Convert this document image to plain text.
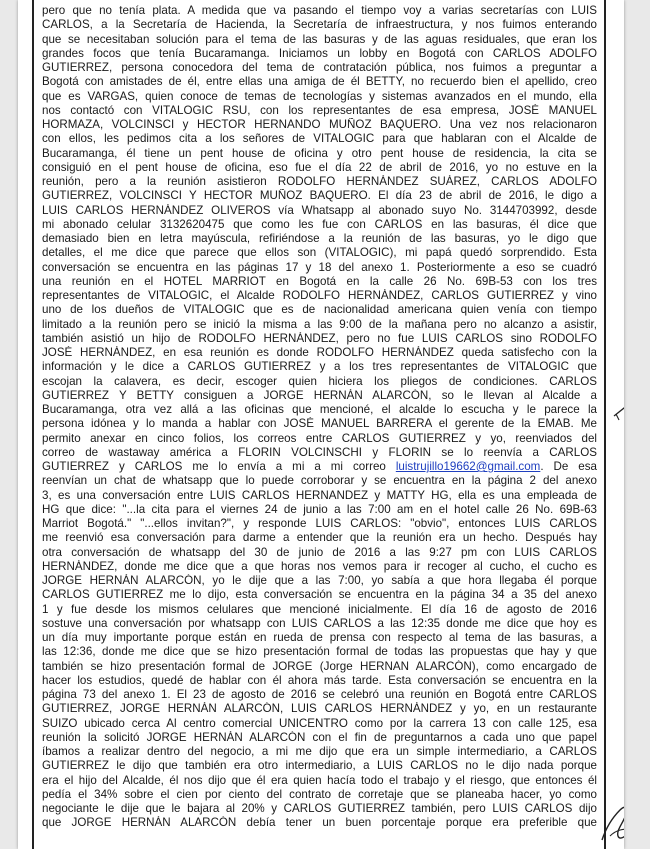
pero que no tenía plata. A medida que va pasando el tiempo voy a varias secretarías con LUIS
CARLOS, a la Secretaría de Hacienda, la Secretaría de infraestructura, y nos fuimos enterando
que se necesitaban solución para el tema de las basuras y de las aguas residuales, que eran los
grandes focos que tenía Bucaramanga. Iniciamos un lobby en Bogotá con CARLOS ADOLFO
GUTIERREZ, persona conocedora del tema de contratación pública, nos fuimos a preguntar a
Bogotá con amistades de él, entre ellas una amiga de él BETTY, no recuerdo bien el apellido, creo
que es VARGAS, quien conoce de temas de tecnologías y sistemas avanzados en el mundo, ella
nos contactó con VITALOGIC RSU, con los representantes de esa empresa, JOSÉ MANUEL
HORMAZA, VOLCINSCI y HECTOR HERNANDO MUÑOZ BAQUERO. Una vez nos relacionaron
con ellos, les pedimos cita a los señores de VITALOGIC para que hablaran con el Alcalde de
Bucaramanga, él tiene un pent house de oficina y otro pent house de residencia, la cita se
consiguió en el pent house de oficina, eso fue el día 22 de abril de 2016, yo no estuve en la
reunión, pero a la reunión asistieron RODOLFO HERNÁNDEZ SUÁREZ, CARLOS ADOLFO
GUTIERREZ, VOLCINSCI Y HECTOR MUÑOZ BAQUERO. El día 23 de abril de 2016, le digo a
LUIS CARLOS HERNÁNDEZ OLIVEROS vía Whatsapp al abonado suyo No. 3144703992, desde
mi abonado celular 3132620475 que como les fue con CARLOS en las basuras, él dice que
demasiado bien en letra mayúscula, refiriéndose a la reunión de las basuras, yo le digo que
detalles, el me dice que parece que ellos son (VITALOGIC), mi papá quedó sorprendido. Esta
conversación se encuentra en las páginas 17 y 18 del anexo 1. Posteriormente a eso se cuadró
una reunión en el HOTEL MARRIOT en Bogotá en la calle 26 No. 69B-53 con los tres
representantes de VITALOGIC, el Alcalde RODOLFO HERNÁNDEZ, CARLOS GUTIERREZ y vino
uno de los dueños de VITALOGIC que es de nacionalidad americana quien venía con tiempo
limitado a la reunión pero se inició la misma a las 9:00 de la mañana pero no alcanzo a asistir,
también asistió un hijo de RODOLFO HERNÁNDEZ, pero no fue LUIS CARLOS sino RODOLFO
JOSÉ HERNÁNDEZ, en esa reunión es donde RODOLFO HERNÁNDEZ queda satisfecho con la
información y le dice a CARLOS GUTIERREZ y a los tres representantes de VITALOGIC que
escojan la calavera, es decir, escoger quien hiciera los pliegos de condiciones. CARLOS
GUTIERREZ Y BETTY consiguen a JORGE HERNÁN ALARCÓN, so le llevan al Alcalde a
Bucaramanga, otra vez allá a las oficinas que mencioné, el alcalde lo escucha y le parece la
persona idónea y lo manda a hablar con JOSÉ MANUEL BARRERA el gerente de la EMAB. Me
permito anexar en cinco folios, los correos entre CARLOS GUTIERREZ y yo, reenviados del
correo de wastaway américa a FLORIN VOLCINSCHI y FLORIN se lo reenvía a CARLOS
GUTIERREZ y CARLOS me lo envía a mi a mi correo luistrujillo19662@gmail.com. De esa
reenvían un chat de whatsapp que lo puede corroborar y se encuentra en la página 2 del anexo
3, es una conversación entre LUIS CARLOS HERNANDEZ y MATTY HG, ella es una empleada de
HG que dice: "...la cita para el viernes 24 de junio a las 7:00 am en el hotel calle 26 No. 69B-63
Marriot Bogotá." "...ellos invitan?", y responde LUIS CARLOS: "obvio", entonces LUIS CARLOS
me reenvió esa conversación para darme a entender que la reunión era un hecho. Después hay
otra conversación de whatsapp del 30 de junio de 2016 a las 9:27 pm con LUIS CARLOS
HERNÁNDEZ, donde me dice que a que horas nos vemos para ir recoger al cucho, el cucho es
JORGE HERNÁN ALARCÓN, yo le dije que a las 7:00, yo sabía a que hora llegaba él porque
CARLOS GUTIERREZ me lo dijo, esta conversación se encuentra en la página 34 a 35 del anexo
1 y fue desde los mismos celulares que mencioné inicialmente. El día 16 de agosto de 2016
sostuve una conversación por whatsapp con LUIS CARLOS a las 12:35 donde me dice que hoy es
un día muy importante porque están en rueda de prensa con respecto al tema de las basuras, a
las 12:36, donde me dice que se hizo presentación formal de todas las propuestas que hay y que
también se hizo presentación formal de JORGE (Jorge HERNAN ALARCÓN), como encargado de
hacer los estudios, quedé de hablar con él ahora más tarde. Esta conversación se encuentra en la
página 73 del anexo 1. El 23 de agosto de 2016 se celebró una reunión en Bogotá entre CARLOS
GUTIERREZ, JORGE HERNÁN ALARCÓN, LUIS CARLOS HERNÁNDEZ y yo, en un restaurante
SUIZO ubicado cerca Al centro comercial UNICENTRO como por la carrera 13 con calle 125, esa
reunión la solicitó JORGE HERNÁN ALARCÓN con el fin de preguntarnos a cada uno que papel
íbamos a realizar dentro del negocio, a mi me dijo que era un simple intermediario, a CARLOS
GUTIERREZ le dijo que también era otro intermediario, a LUIS CARLOS no le dijo nada porque
era el hijo del Alcalde, él nos dijo que él era quien hacía todo el trabajo y el riesgo, que entonces él
pedía el 34% sobre el cien por ciento del contrato de corretaje que se planeaba hacer, yo como
negociante le dije que le bajara al 20% y CARLOS GUTIERREZ también, pero LUIS CARLOS dijo
que JORGE HERNÁN ALARCÓN debía tener un buen porcentaje porque era preferible que
